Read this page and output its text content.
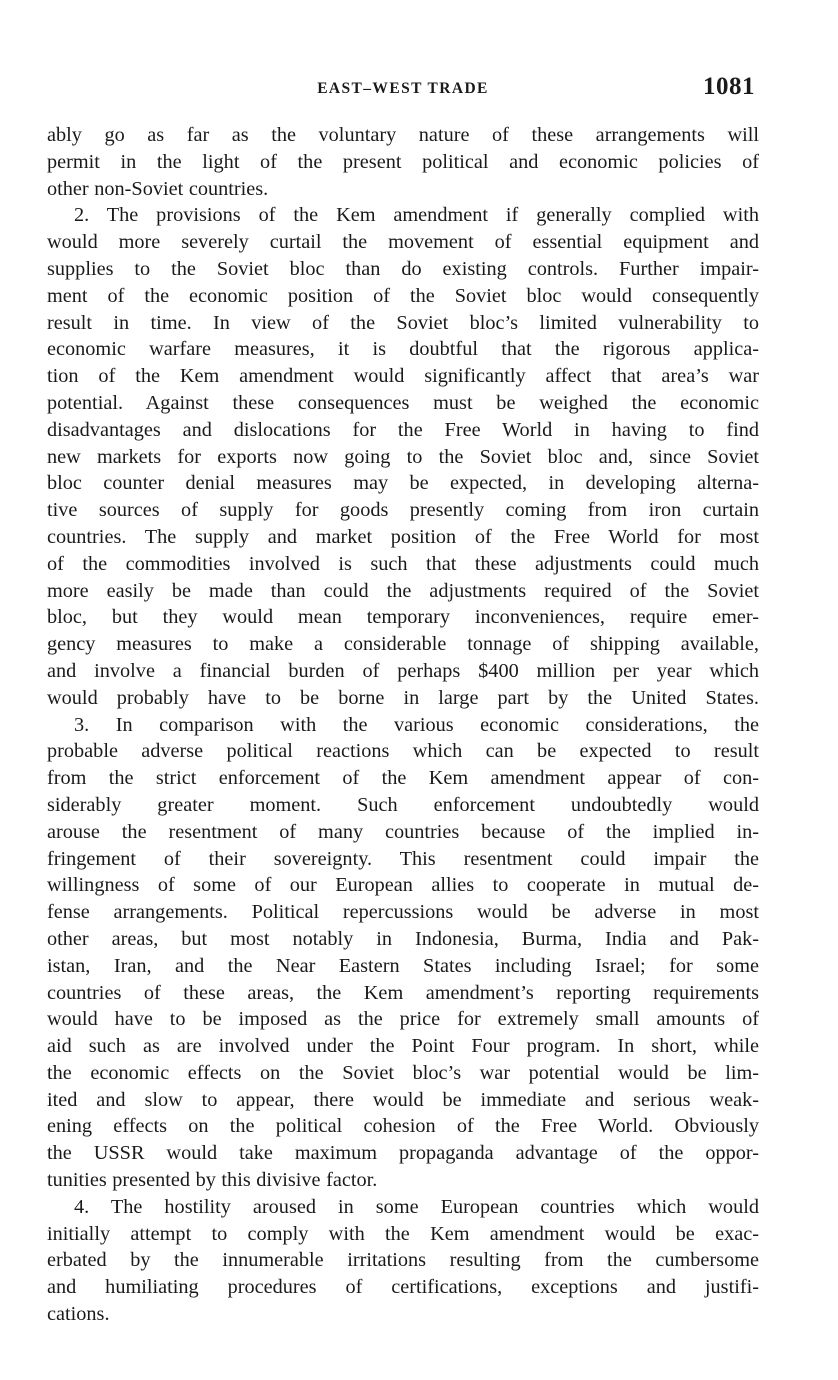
EAST–WEST TRADE	1081
ably go as far as the voluntary nature of these arrangements will
permit in the light of the present political and economic policies of
other non-Soviet countries.
2. The provisions of the Kem amendment if generally complied with
would more severely curtail the movement of essential equipment and
supplies to the Soviet bloc than do existing controls. Further impair-
ment of the economic position of the Soviet bloc would consequently
result in time. In view of the Soviet bloc’s limited vulnerability to
economic warfare measures, it is doubtful that the rigorous applica-
tion of the Kem amendment would significantly affect that area’s war
potential. Against these consequences must be weighed the economic
disadvantages and dislocations for the Free World in having to find
new markets for exports now going to the Soviet bloc and, since Soviet
bloc counter denial measures may be expected, in developing alterna-
tive sources of supply for goods presently coming from iron curtain
countries. The supply and market position of the Free World for most
of the commodities involved is such that these adjustments could much
more easily be made than could the adjustments required of the Soviet
bloc, but they would mean temporary inconveniences, require emer-
gency measures to make a considerable tonnage of shipping available,
and involve a financial burden of perhaps $400 million per year which
would probably have to be borne in large part by the United States.
3. In comparison with the various economic considerations, the
probable adverse political reactions which can be expected to result
from the strict enforcement of the Kem amendment appear of con-
siderably greater moment. Such enforcement undoubtedly would
arouse the resentment of many countries because of the implied in-
fringement of their sovereignty. This resentment could impair the
willingness of some of our European allies to cooperate in mutual de-
fense arrangements. Political repercussions would be adverse in most
other areas, but most notably in Indonesia, Burma, India and Pak-
istan, Iran, and the Near Eastern States including Israel; for some
countries of these areas, the Kem amendment’s reporting requirements
would have to be imposed as the price for extremely small amounts of
aid such as are involved under the Point Four program. In short, while
the economic effects on the Soviet bloc’s war potential would be lim-
ited and slow to appear, there would be immediate and serious weak-
ening effects on the political cohesion of the Free World. Obviously
the USSR would take maximum propaganda advantage of the oppor-
tunities presented by this divisive factor.
4. The hostility aroused in some European countries which would
initially attempt to comply with the Kem amendment would be exac-
erbated by the innumerable irritations resulting from the cumbersome
and humiliating procedures of certifications, exceptions and justifi-
cations.
